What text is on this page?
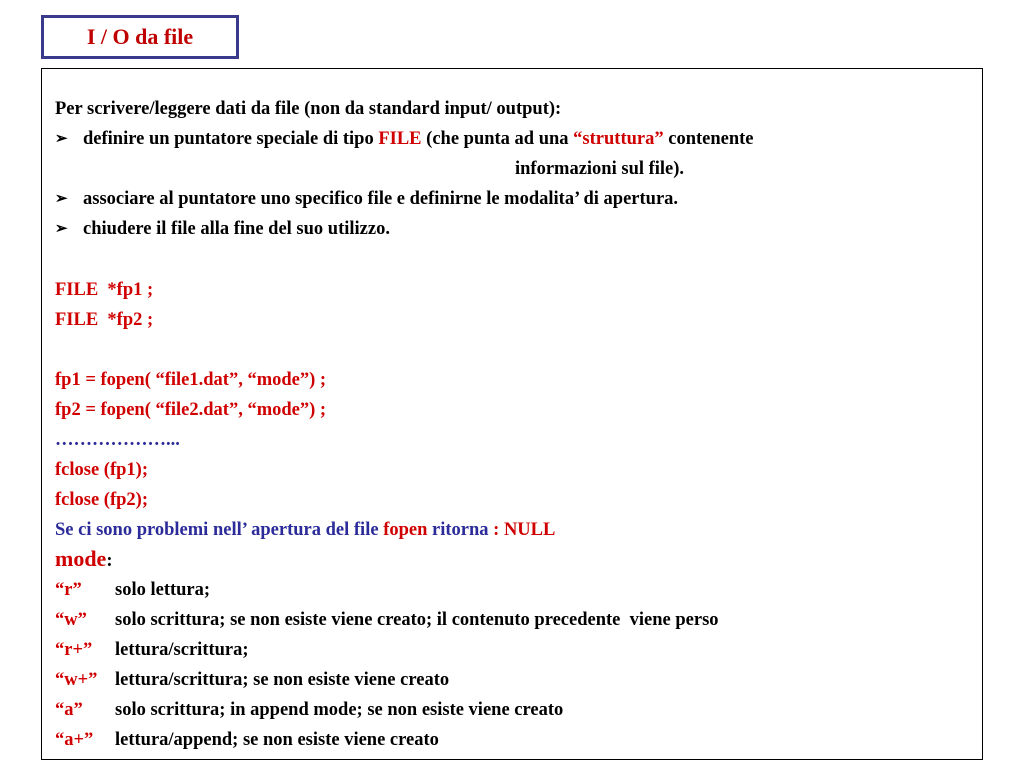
I / O da file
Per scrivere/leggere dati da file (non da standard input/ output):
➢ definire un puntatore speciale di tipo FILE (che punta ad una “struttura” contenente
informazioni sul file).
➢ associare al puntatore uno specifico file e definirne le modalita’ di apertura.
➢ chiudere il file alla fine del suo utilizzo.
FILE  *fp1 ;
FILE  *fp2 ;
fp1 = fopen( “file1.dat”, “mode”) ;
fp2 = fopen( “file2.dat”, “mode”) ;
………………...
fclose (fp1);
fclose (fp2);
Se ci sono problemi nell’ apertura del file fopen ritorna : NULL
mode:
“r” solo lettura;
“w” solo scrittura; se non esiste viene creato; il contenuto precedente  viene perso
“r+” lettura/scrittura;
“w+” lettura/scrittura; se non esiste viene creato
“a” solo scrittura; in append mode; se non esiste viene creato
“a+” lettura/append; se non esiste viene creato
